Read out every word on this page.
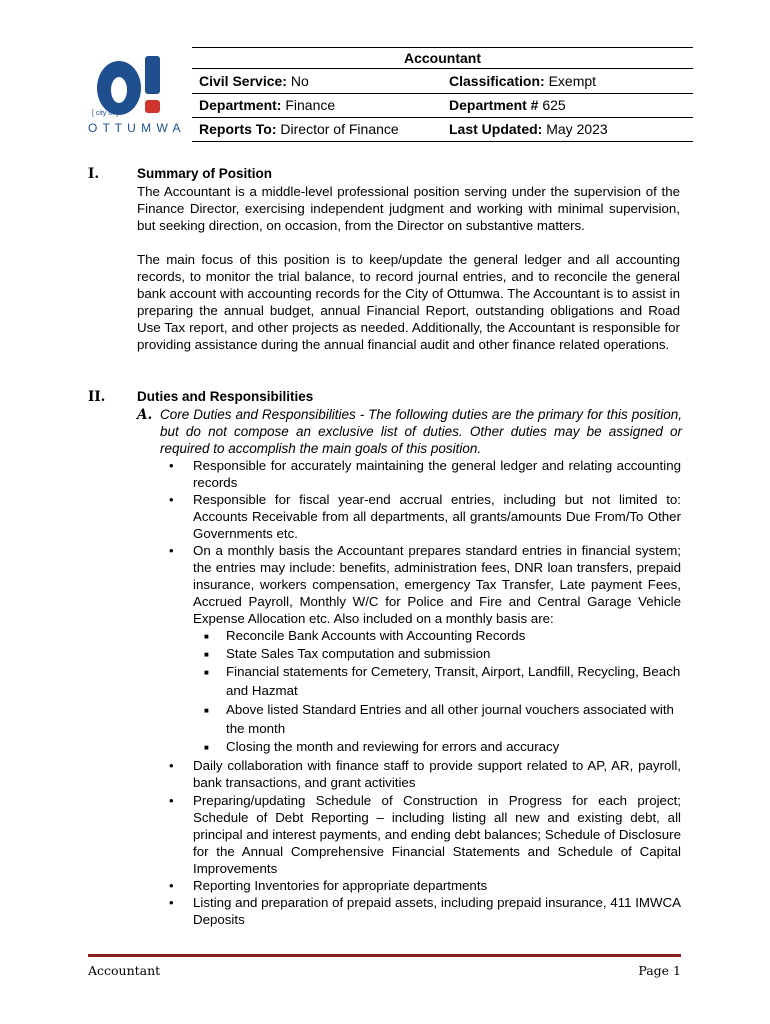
[ city of ]
O T T U M W A
Accountant
Civil Service: No	Classification: Exempt
Department: Finance	Department # 625
Reports To: Director of Finance	Last Updated: May 2023
I.	Summary of Position

The Accountant is a middle-level professional position serving under the supervision of the Finance Director, exercising independent judgment and working with minimal supervision, but seeking direction, on occasion, from the Director on substantive matters.

The main focus of this position is to keep/update the general ledger and all accounting records, to monitor the trial balance, to record journal entries, and to reconcile the general bank account with accounting records for the City of Ottumwa. The Accountant is to assist in preparing the annual budget, annual Financial Report, outstanding obligations and Road Use Tax report, and other projects as needed. Additionally, the Accountant is responsible for providing assistance during the annual financial audit and other finance related operations.

II. Duties and Responsibilities
A. Core Duties and Responsibilities - The following duties are the primary for this position, but do not compose an exclusive list of duties. Other duties may be assigned or required to accomplish the main goals of this position.
• Responsible for accurately maintaining the general ledger and relating accounting records
• Responsible for fiscal year-end accrual entries, including but not limited to: Accounts Receivable from all departments, all grants/amounts Due From/To Other Governments etc.
• On a monthly basis the Accountant prepares standard entries in financial system; the entries may include: benefits, administration fees, DNR loan transfers, prepaid insurance, workers compensation, emergency Tax Transfer, Late payment Fees, Accrued Payroll, Monthly W/C for Police and Fire and Central Garage Vehicle Expense Allocation etc. Also included on a monthly basis are:
■ Reconcile Bank Accounts with Accounting Records
■ State Sales Tax computation and submission
■ Financial statements for Cemetery, Transit, Airport, Landfill, Recycling, Beach and Hazmat
■ Above listed Standard Entries and all other journal vouchers associated with the month
■ Closing the month and reviewing for errors and accuracy
• Daily collaboration with finance staff to provide support related to AP, AR, payroll, bank transactions, and grant activities
• Preparing/updating Schedule of Construction in Progress for each project; Schedule of Debt Reporting – including listing all new and existing debt, all principal and interest payments, and ending debt balances; Schedule of Disclosure for the Annual Comprehensive Financial Statements and Schedule of Capital Improvements
• Reporting Inventories for appropriate departments
• Listing and preparation of prepaid assets, including prepaid insurance, 411 IMWCA Deposits
Accountant	Page 1
